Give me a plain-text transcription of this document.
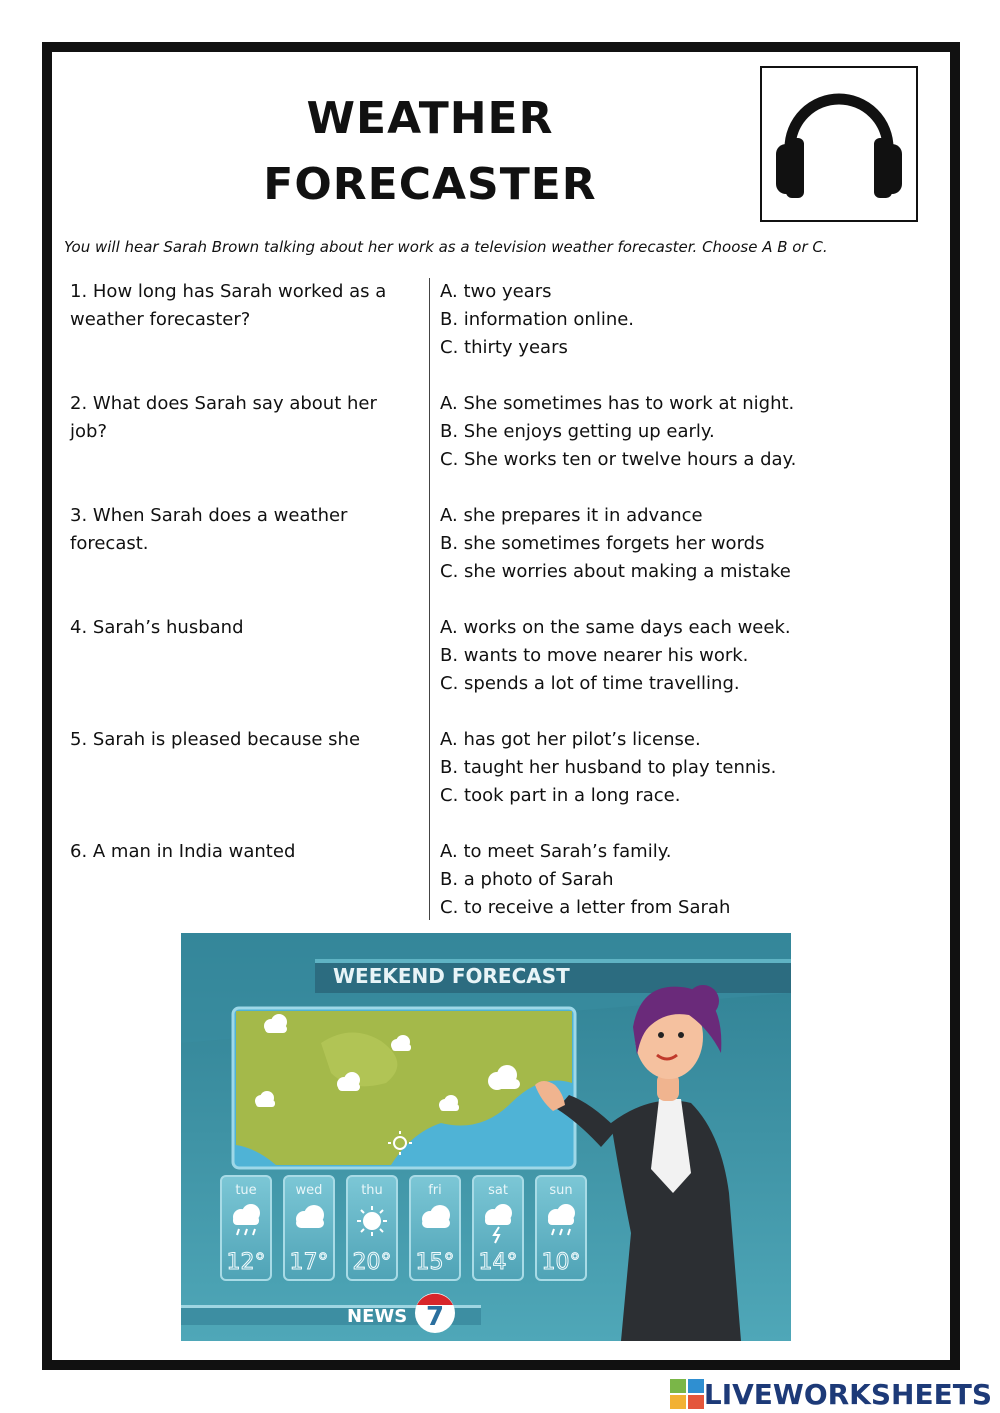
WEATHER
FORECASTER
You will hear Sarah Brown talking about her work as a television weather forecaster. Choose A B or C.
1. How long has Sarah worked as a weather forecaster?
A. two years
B. information online.
C. thirty years
2. What does Sarah say about her job?
A. She sometimes has to work at night.
B. She enjoys getting up early.
C. She works ten or twelve hours a day.
3. When Sarah does a weather forecast.
A. she prepares it in advance
B. she sometimes forgets her words
C. she worries about making a mistake
4. Sarah’s husband	A. works on the same days each week.
B. wants to move nearer his work.
C. spends a lot of time travelling.
5. Sarah is pleased because she	A. has got her pilot’s license.
B. taught her husband to play tennis.
C. took part in a long race.
6. A man in India wanted	A. to meet Sarah’s family.
B. a photo of Sarah
C. to receive a letter from Sarah
WEEKEND FORECAST
tue	wed	thu	fri	sat	sun
12° 17° 20° 15° 14° 10°
NEWS 7
LIVEWORKSHEETS
